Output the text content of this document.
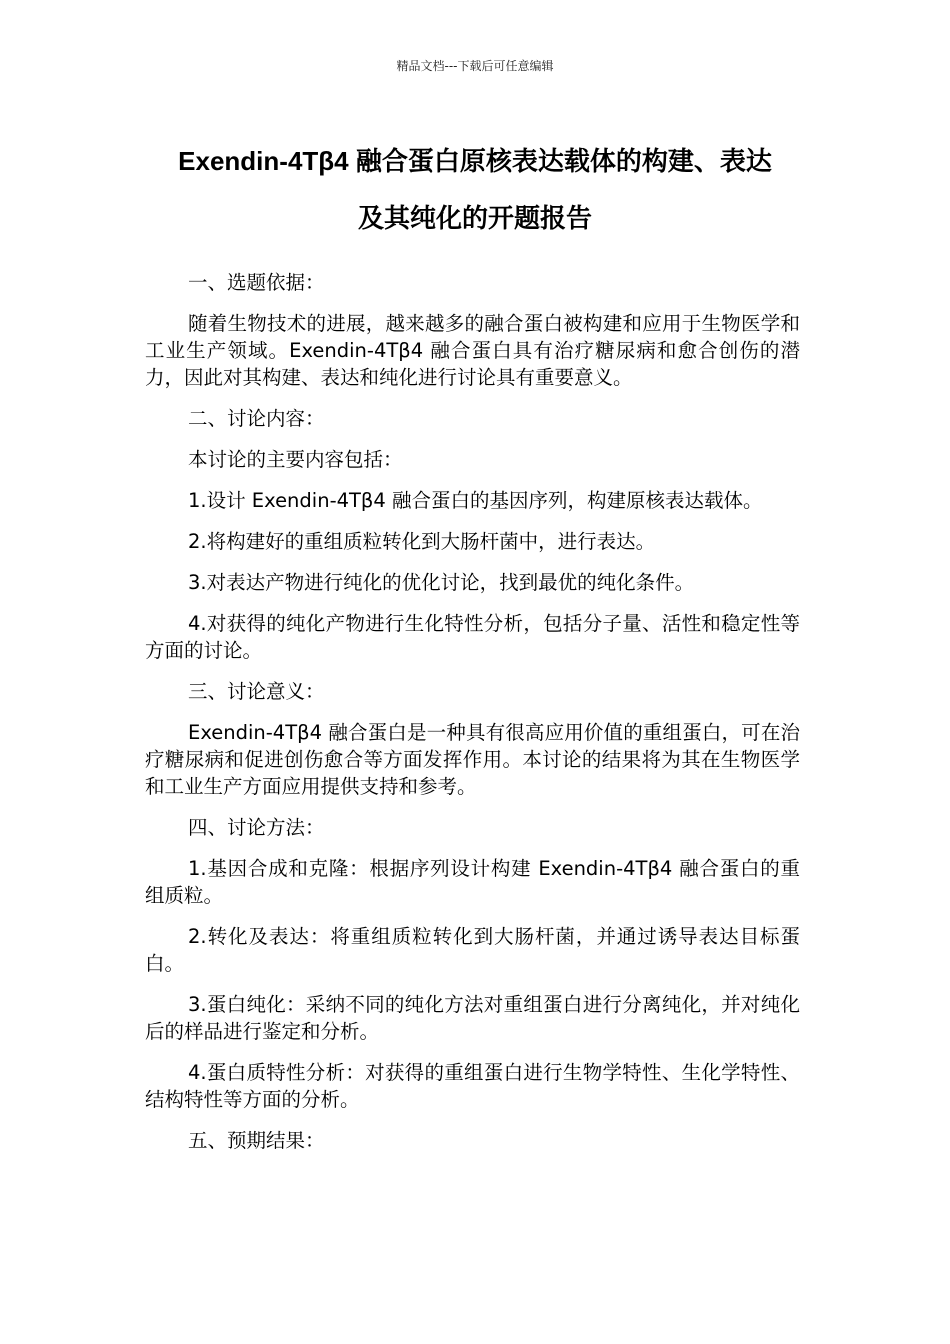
精品文档---下载后可任意编辑
Exendin-4Tβ4 融合蛋白原核表达载体的构建、表达
及其纯化的开题报告

一、选题依据：

随着生物技术的进展，越来越多的融合蛋白被构建和应用于生物医学和工业生产领域。Exendin-4Tβ4 融合蛋白具有治疗糖尿病和愈合创伤的潜力，因此对其构建、表达和纯化进行讨论具有重要意义。

二、讨论内容：

本讨论的主要内容包括：

1.设计 Exendin-4Tβ4 融合蛋白的基因序列，构建原核表达载体。

2.将构建好的重组质粒转化到大肠杆菌中，进行表达。

3.对表达产物进行纯化的优化讨论，找到最优的纯化条件。

4.对获得的纯化产物进行生化特性分析，包括分子量、活性和稳定性等方面的讨论。

三、讨论意义：

Exendin-4Tβ4 融合蛋白是一种具有很高应用价值的重组蛋白，可在治疗糖尿病和促进创伤愈合等方面发挥作用。本讨论的结果将为其在生物医学和工业生产方面应用提供支持和参考。

四、讨论方法：

1.基因合成和克隆：根据序列设计构建 Exendin-4Tβ4 融合蛋白的重组质粒。

2.转化及表达：将重组质粒转化到大肠杆菌，并通过诱导表达目标蛋白。

3.蛋白纯化：采纳不同的纯化方法对重组蛋白进行分离纯化，并对纯化后的样品进行鉴定和分析。

4.蛋白质特性分析：对获得的重组蛋白进行生物学特性、生化学特性、结构特性等方面的分析。

五、预期结果：
